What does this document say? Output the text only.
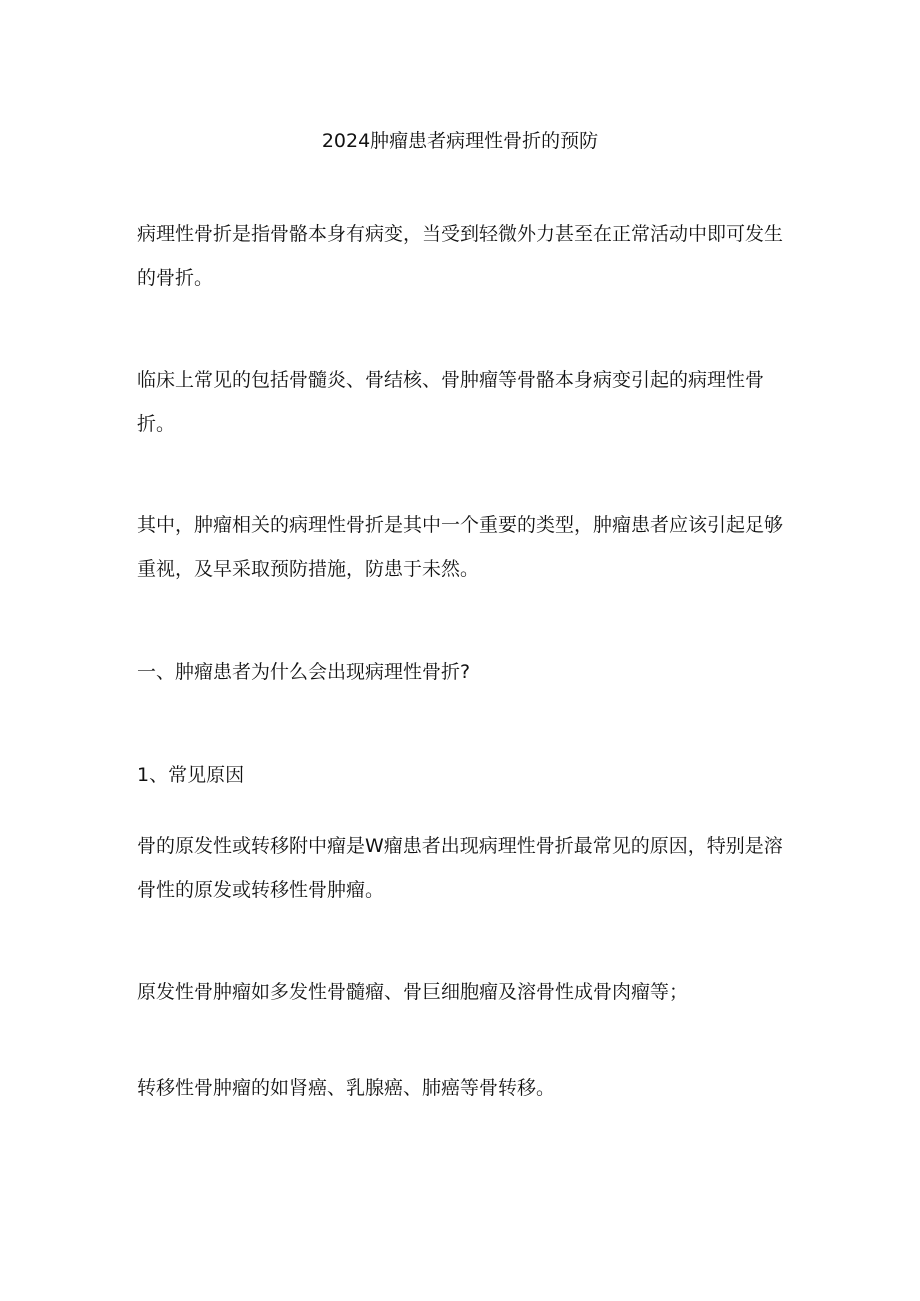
2024肿瘤患者病理性骨折的预防

病理性骨折是指骨骼本身有病变，当受到轻微外力甚至在正常活动中即可发生的骨折。

临床上常见的包括骨髓炎、骨结核、骨肿瘤等骨骼本身病变引起的病理性骨折。

其中，肿瘤相关的病理性骨折是其中一个重要的类型，肿瘤患者应该引起足够重视，及早采取预防措施，防患于未然。

一、肿瘤患者为什么会出现病理性骨折?
1、常见原因

骨的原发性或转移附中瘤是W瘤患者出现病理性骨折最常见的原因，特别是溶骨性的原发或转移性骨肿瘤。

原发性骨肿瘤如多发性骨髓瘤、骨巨细胞瘤及溶骨性成骨肉瘤等；

转移性骨肿瘤的如肾癌、乳腺癌、肺癌等骨转移。
